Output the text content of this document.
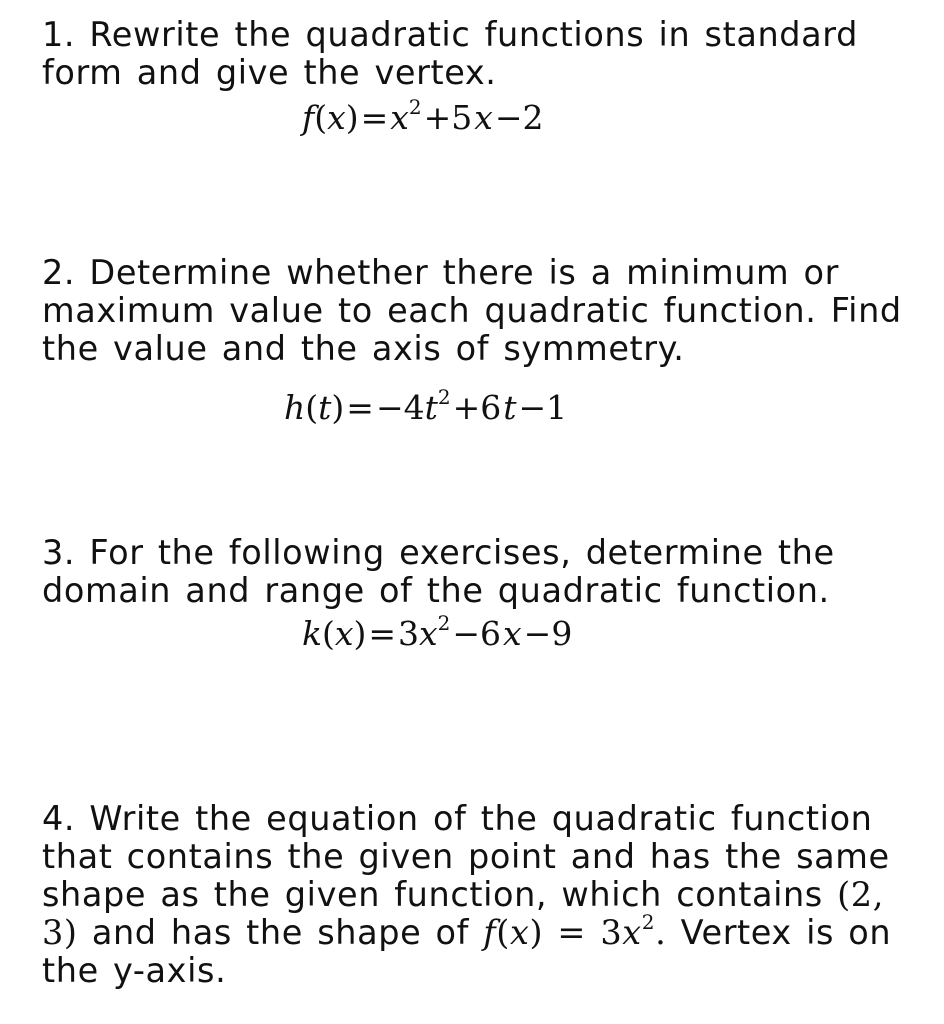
1. Rewrite the quadratic functions in standard form and give the vertex.

$f(x)=x^2+5x-2$

2. Determine whether there is a minimum or maximum value to each quadratic function. Find the value and the axis of symmetry.

$h(t)=-4t^2+6t-1$

3. For the following exercises, determine the domain and range of the quadratic function.

$k(x)=3x^2-6x-9$

4. Write the equation of the quadratic function that contains the given point and has the same shape as the given function, which contains (2, 3) and has the shape of $f(x) = 3x^2$. Vertex is on the y-axis.
